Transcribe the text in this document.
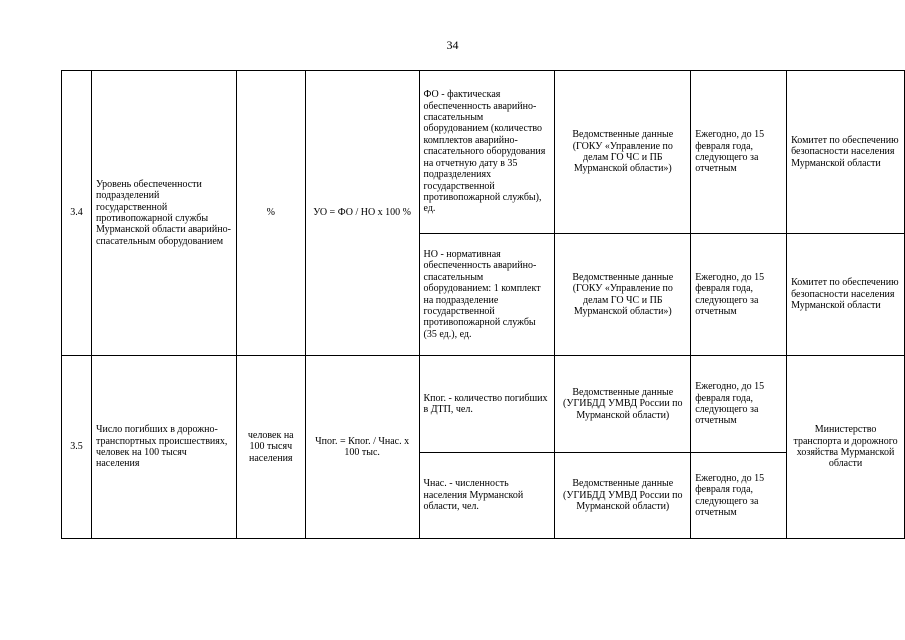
34
3.4	Уровень обеспеченности подразделений государственной противопожарной службы Мурманской области аварийно-спасательным оборудованием	%	УО = ФО / НО х 100 %	ФО - фактическая обеспеченность аварийно-спасательным оборудованием (количество комплектов аварийно-спасательного оборудования на отчетную дату в 35 подразделениях государственной противопожарной службы), ед.	Ведомственные данные (ГОКУ «Управление по делам ГО ЧС и ПБ Мурманской области»)	Ежегодно, до 15 февраля года, следующего за отчетным	Комитет по обеспечению безопасности населения Мурманской области
				НО - нормативная обеспеченность аварийно-спасательным оборудованием: 1 комплект на подразделение государственной противопожарной службы (35 ед.), ед.	Ведомственные данные (ГОКУ «Управление по делам ГО ЧС и ПБ Мурманской области»)	Ежегодно, до 15 февраля года, следующего за отчетным	Комитет по обеспечению безопасности населения Мурманской области
3.5	Число погибших в дорожно-транспортных происшествиях, человек на 100 тысяч населения	человек на 100 тысяч населения	Чпог. = Кпог. / Чнас. х 100 тыс.	Кпог. - количество погибших в ДТП, чел.	Ведомственные данные (УГИБДД УМВД России по Мурманской области)	Ежегодно, до 15 февраля года, следующего за отчетным	Министерство транспорта и дорожного хозяйства Мурманской области
				Чнас. - численность населения Мурманской области, чел.	Ведомственные данные (УГИБДД УМВД России по Мурманской области)	Ежегодно, до 15 февраля года, следующего за отчетным	
